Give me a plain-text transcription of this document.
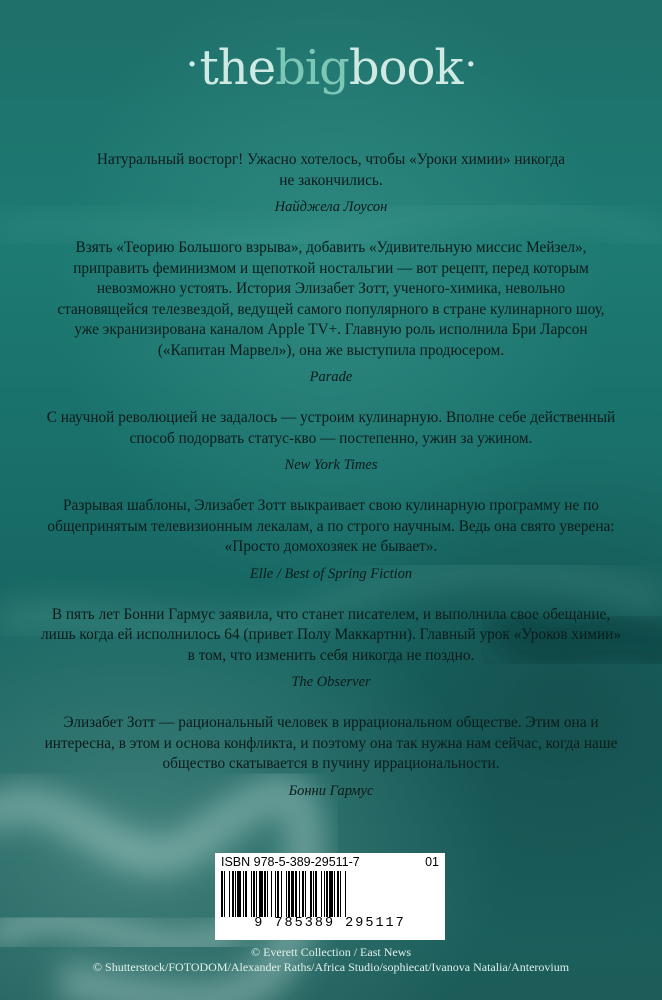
·thebigbook·

Натуральный восторг! Ужасно хотелось, чтобы «Уроки химии» никогда не закончились.

Найджела Лоусон

Взять «Теорию Большого взрыва», добавить «Удивительную миссис Мейзел», приправить феминизмом и щепоткой ностальгии — вот рецепт, перед которым невозможно устоять. История Элизабет Зотт, ученого-химика, невольно становящейся телезвездой, ведущей самого популярного в стране кулинарного шоу, уже экранизирована каналом Apple TV+. Главную роль исполнила Бри Ларсон («Капитан Марвел»), она же выступила продюсером.

Parade

С научной революцией не задалось — устроим кулинарную. Вполне себе действенный способ подорвать статус-кво — постепенно, ужин за ужином.

New York Times

Разрывая шаблоны, Элизабет Зотт выкраивает свою кулинарную программу не по общепринятым телевизионным лекалам, а по строго научным. Ведь она свято уверена: «Просто домохозяек не бывает».

Elle / Best of Spring Fiction

В пять лет Бонни Гармус заявила, что станет писателем, и выполнила свое обещание, лишь когда ей исполнилось 64 (привет Полу Маккартни). Главный урок «Уроков химии» в том, что изменить себя никогда не поздно.

The Observer

Элизабет Зотт — рациональный человек в иррациональном обществе. Этим она и интересна, в этом и основа конфликта, и поэтому она так нужна нам сейчас, когда наше общество скатывается в пучину иррациональности.

Бонни Гармус
ISBN 978-5-389-29511-7	01
9 785389 295117
© Everett Collection / East News
© Shutterstock/FOTODOM/Alexander Raths/Africa Studio/sophiecat/Ivanova Natalia/Anterovium
